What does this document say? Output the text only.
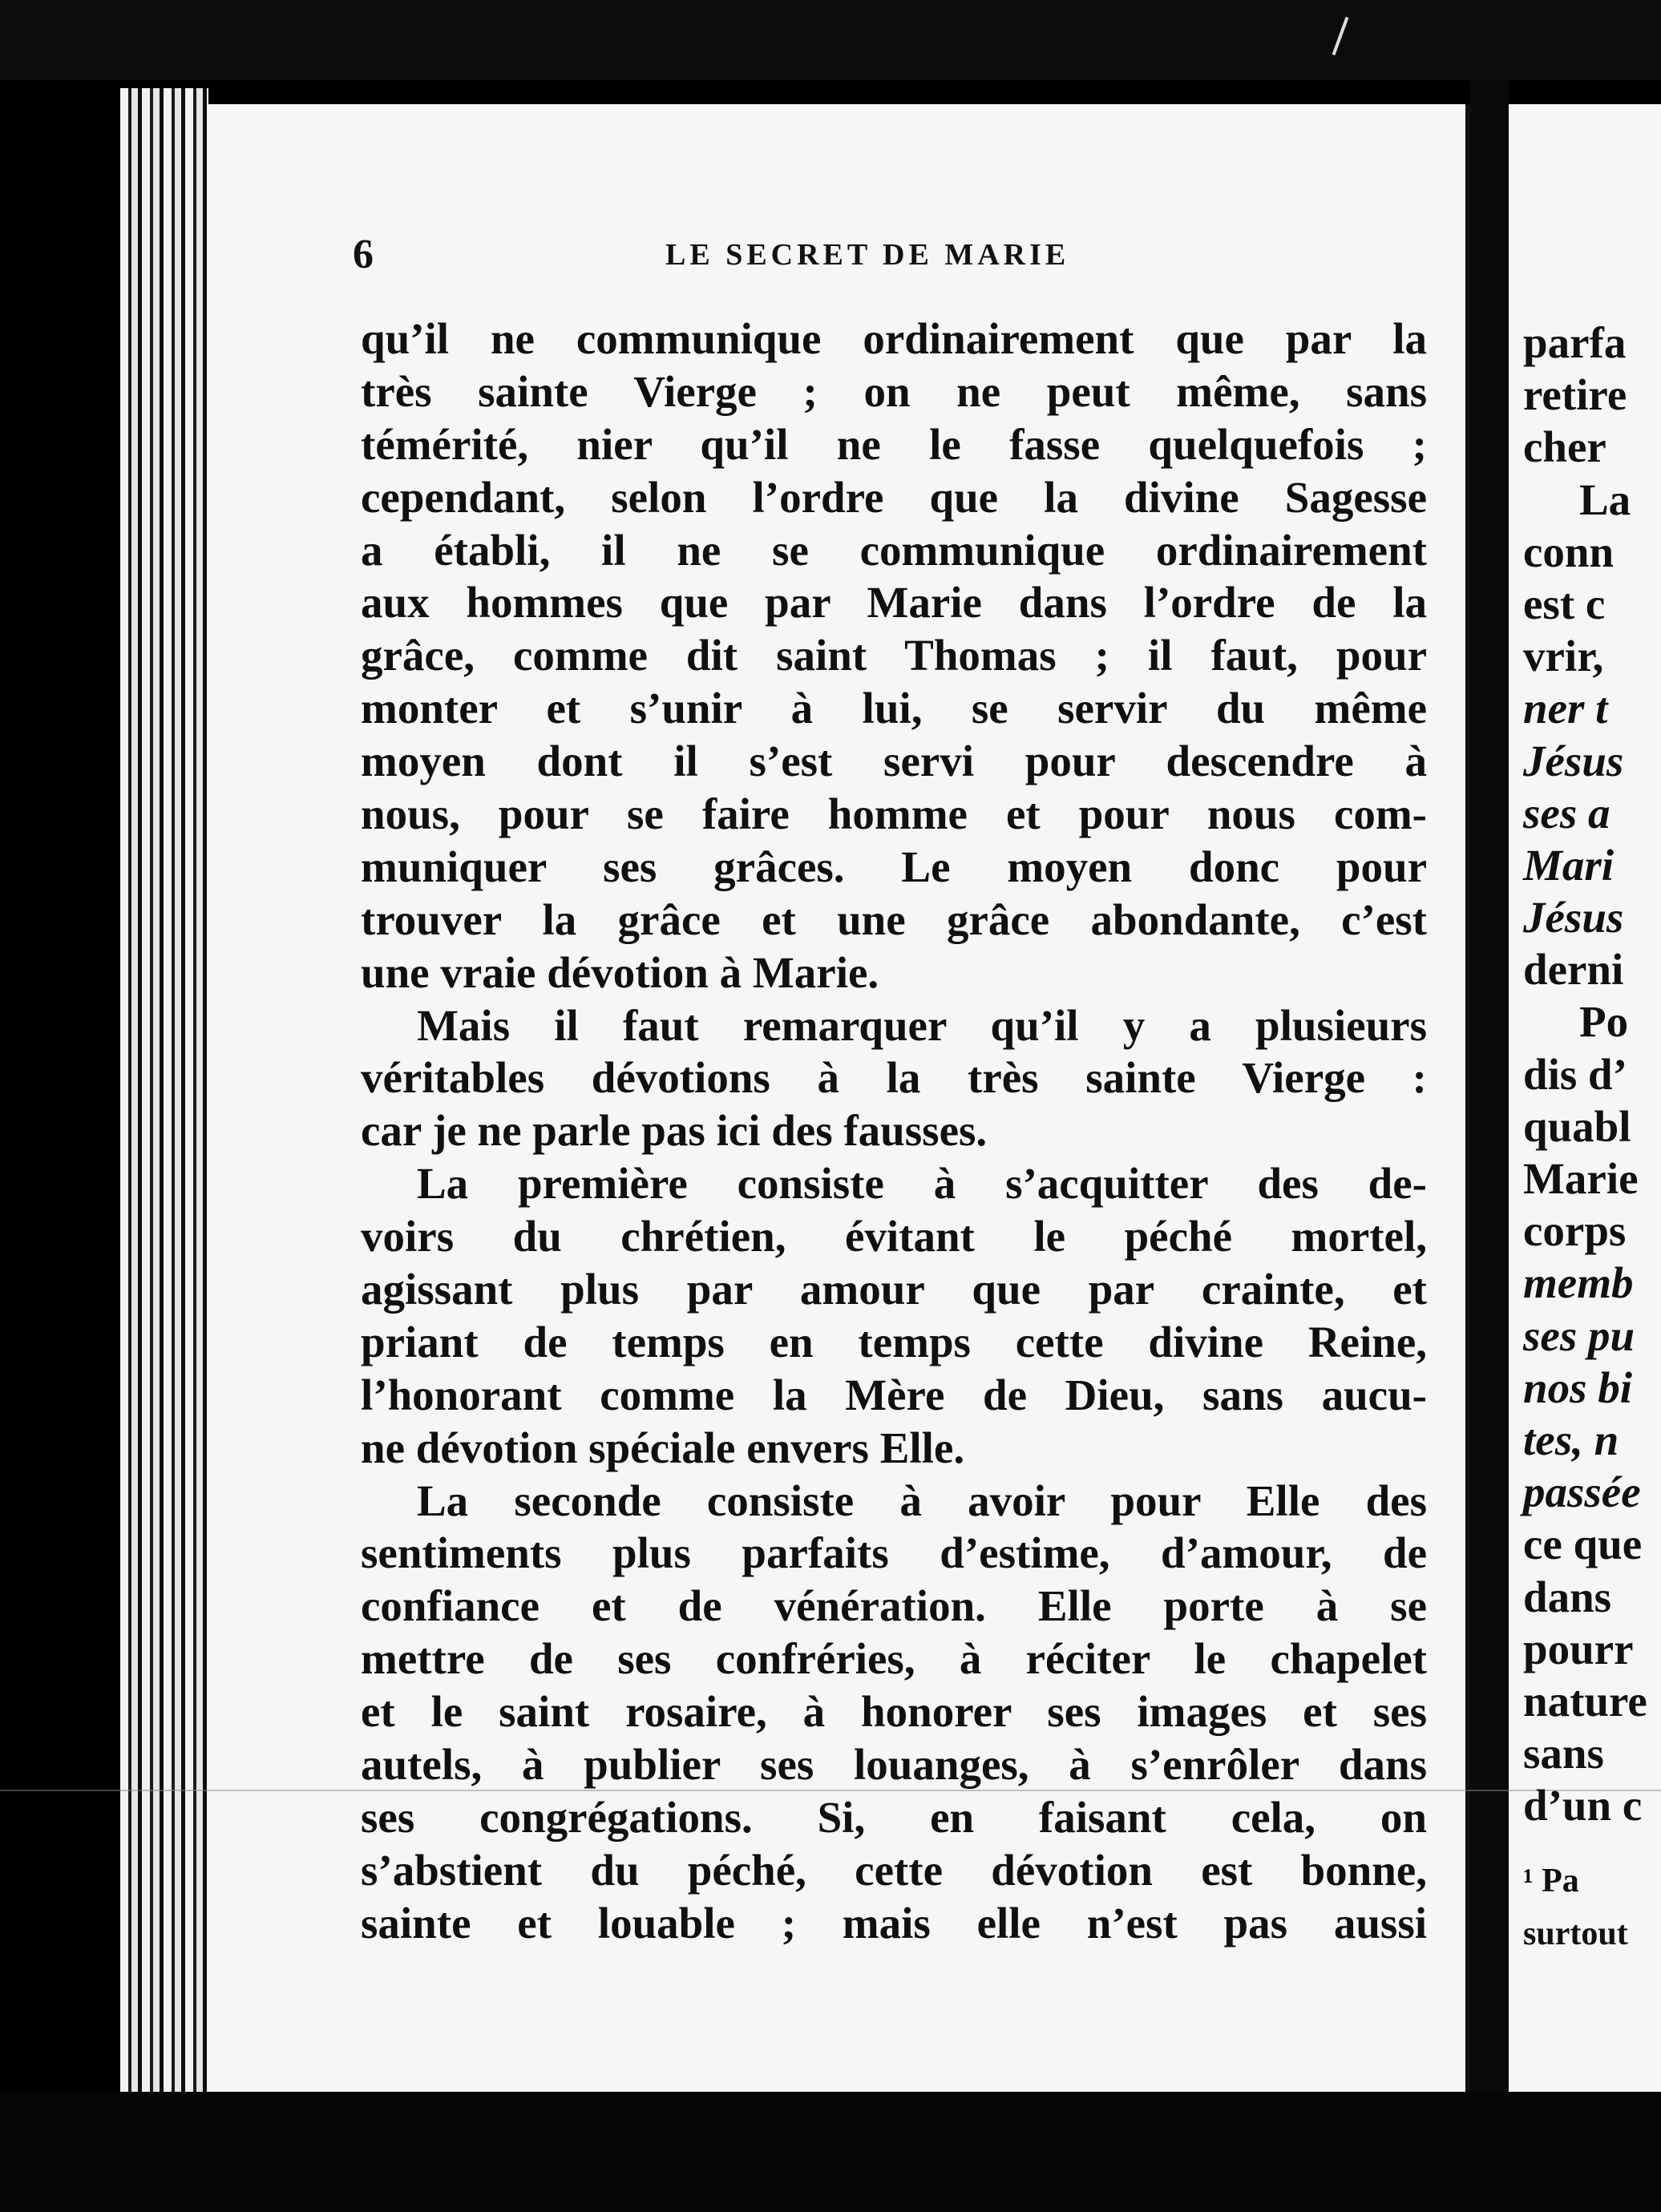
6	LE SECRET DE MARIE
qu’il ne communique ordinairement que par la
très sainte Vierge ; on ne peut même, sans
témérité, nier qu’il ne le fasse quelquefois ;
cependant, selon l’ordre que la divine Sagesse
a établi, il ne se communique ordinairement
aux hommes que par Marie dans l’ordre de la
grâce, comme dit saint Thomas ; il faut, pour
monter et s’unir à lui, se servir du même
moyen dont il s’est servi pour descendre à
nous, pour se faire homme et pour nous com-
muniquer ses grâces. Le moyen donc pour
trouver la grâce et une grâce abondante, c’est
une vraie dévotion à Marie.
Mais il faut remarquer qu’il y a plusieurs
véritables dévotions à la très sainte Vierge :
car je ne parle pas ici des fausses.
La première consiste à s’acquitter des de-
voirs du chrétien, évitant le péché mortel,
agissant plus par amour que par crainte, et
priant de temps en temps cette divine Reine,
l’honorant comme la Mère de Dieu, sans aucu-
ne dévotion spéciale envers Elle.
La seconde consiste à avoir pour Elle des
sentiments plus parfaits d’estime, d’amour, de
confiance et de vénération. Elle porte à se
mettre de ses confréries, à réciter le chapelet
et le saint rosaire, à honorer ses images et ses
autels, à publier ses louanges, à s’enrôler dans
ses congrégations. Si, en faisant cela, on
s’abstient du péché, cette dévotion est bonne,
sainte et louable ; mais elle n’est pas aussi
parfa
retire
cher
La
conn
est c
vrir,
ner t
Jésus
ses a
Mari
Jésus
derni
Po
dis d’
quabl
Marie
corps
memb
ses pu
nos bi
tes, n
passée
ce que
dans
pourr
nature
sans
d’un c
¹ Pa
surtout
